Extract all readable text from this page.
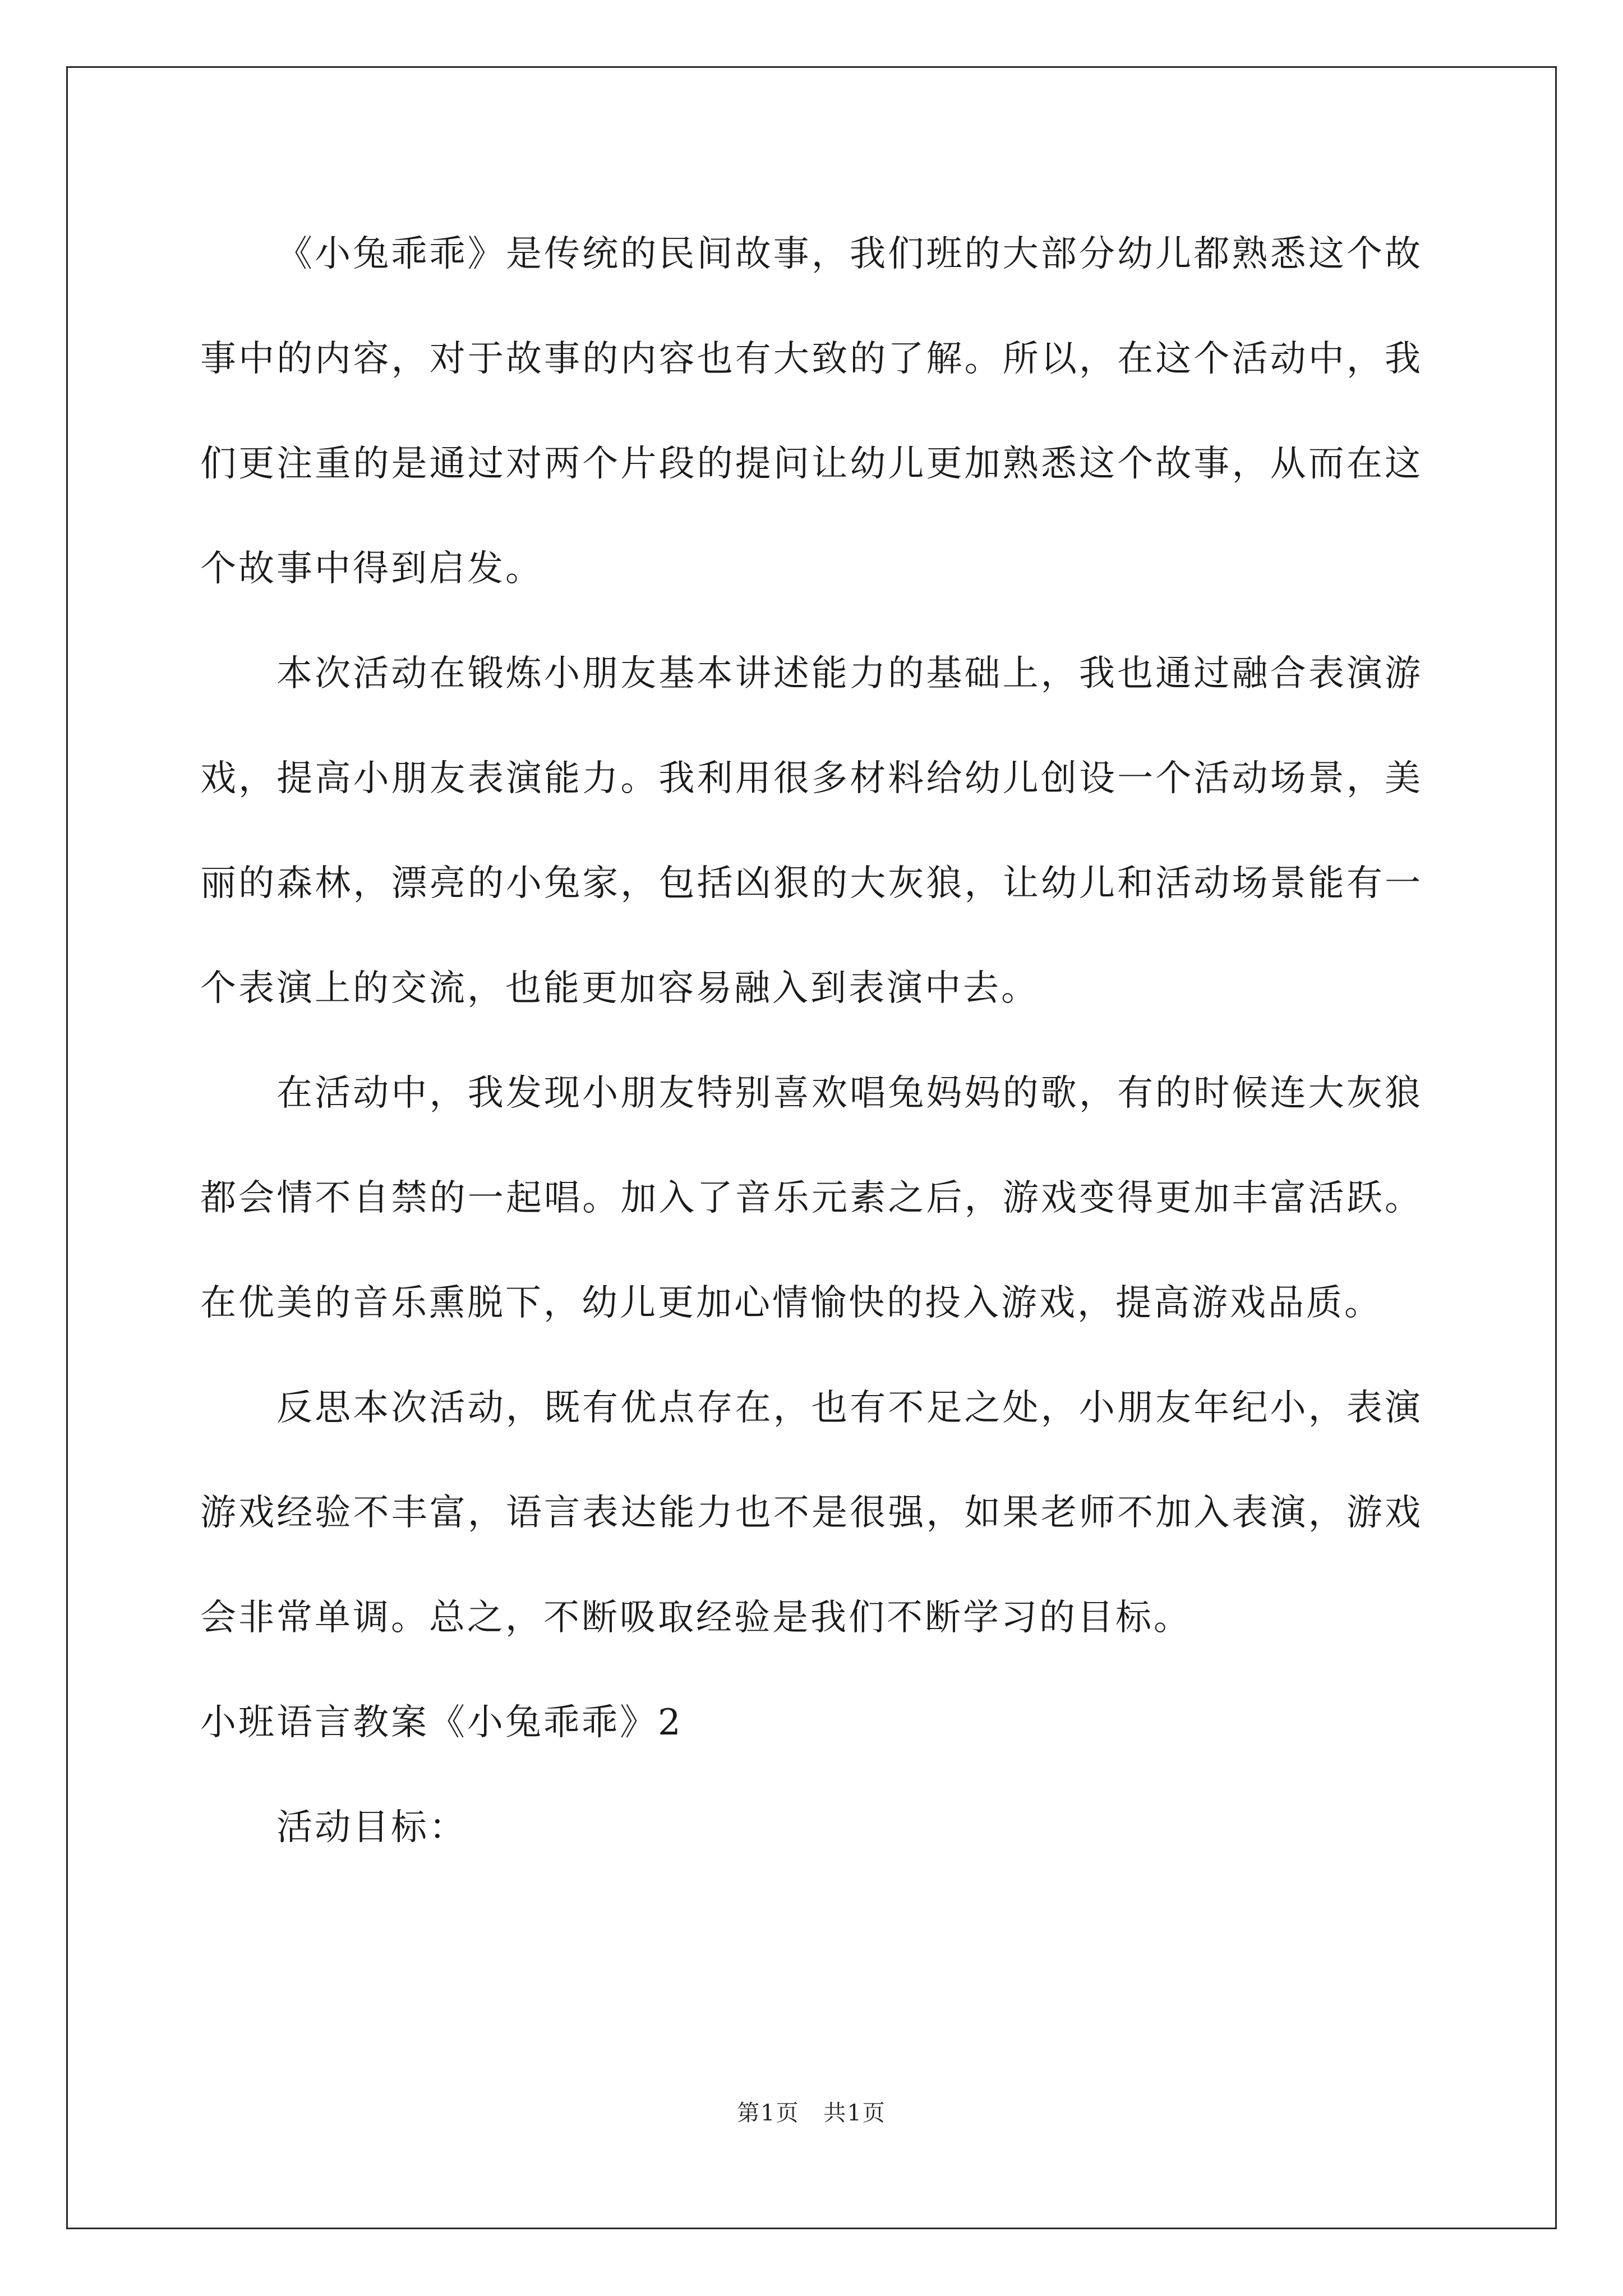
《小兔乖乖》是传统的民间故事，我们班的大部分幼儿都熟悉这个故事中的内容，对于故事的内容也有大致的了解。所以，在这个活动中，我们更注重的是通过对两个片段的提问让幼儿更加熟悉这个故事，从而在这个故事中得到启发。

本次活动在锻炼小朋友基本讲述能力的基础上，我也通过融合表演游戏，提高小朋友表演能力。我利用很多材料给幼儿创设一个活动场景，美丽的森林，漂亮的小兔家，包括凶狠的大灰狼，让幼儿和活动场景能有一个表演上的交流，也能更加容易融入到表演中去。

在活动中，我发现小朋友特别喜欢唱兔妈妈的歌，有的时候连大灰狼都会情不自禁的一起唱。加入了音乐元素之后，游戏变得更加丰富活跃。在优美的音乐熏脱下，幼儿更加心情愉快的投入游戏，提高游戏品质。

反思本次活动，既有优点存在，也有不足之处，小朋友年纪小，表演游戏经验不丰富，语言表达能力也不是很强，如果老师不加入表演，游戏会非常单调。总之，不断吸取经验是我们不断学习的目标。

小班语言教案《小兔乖乖》2

活动目标：

第1页 共1页
